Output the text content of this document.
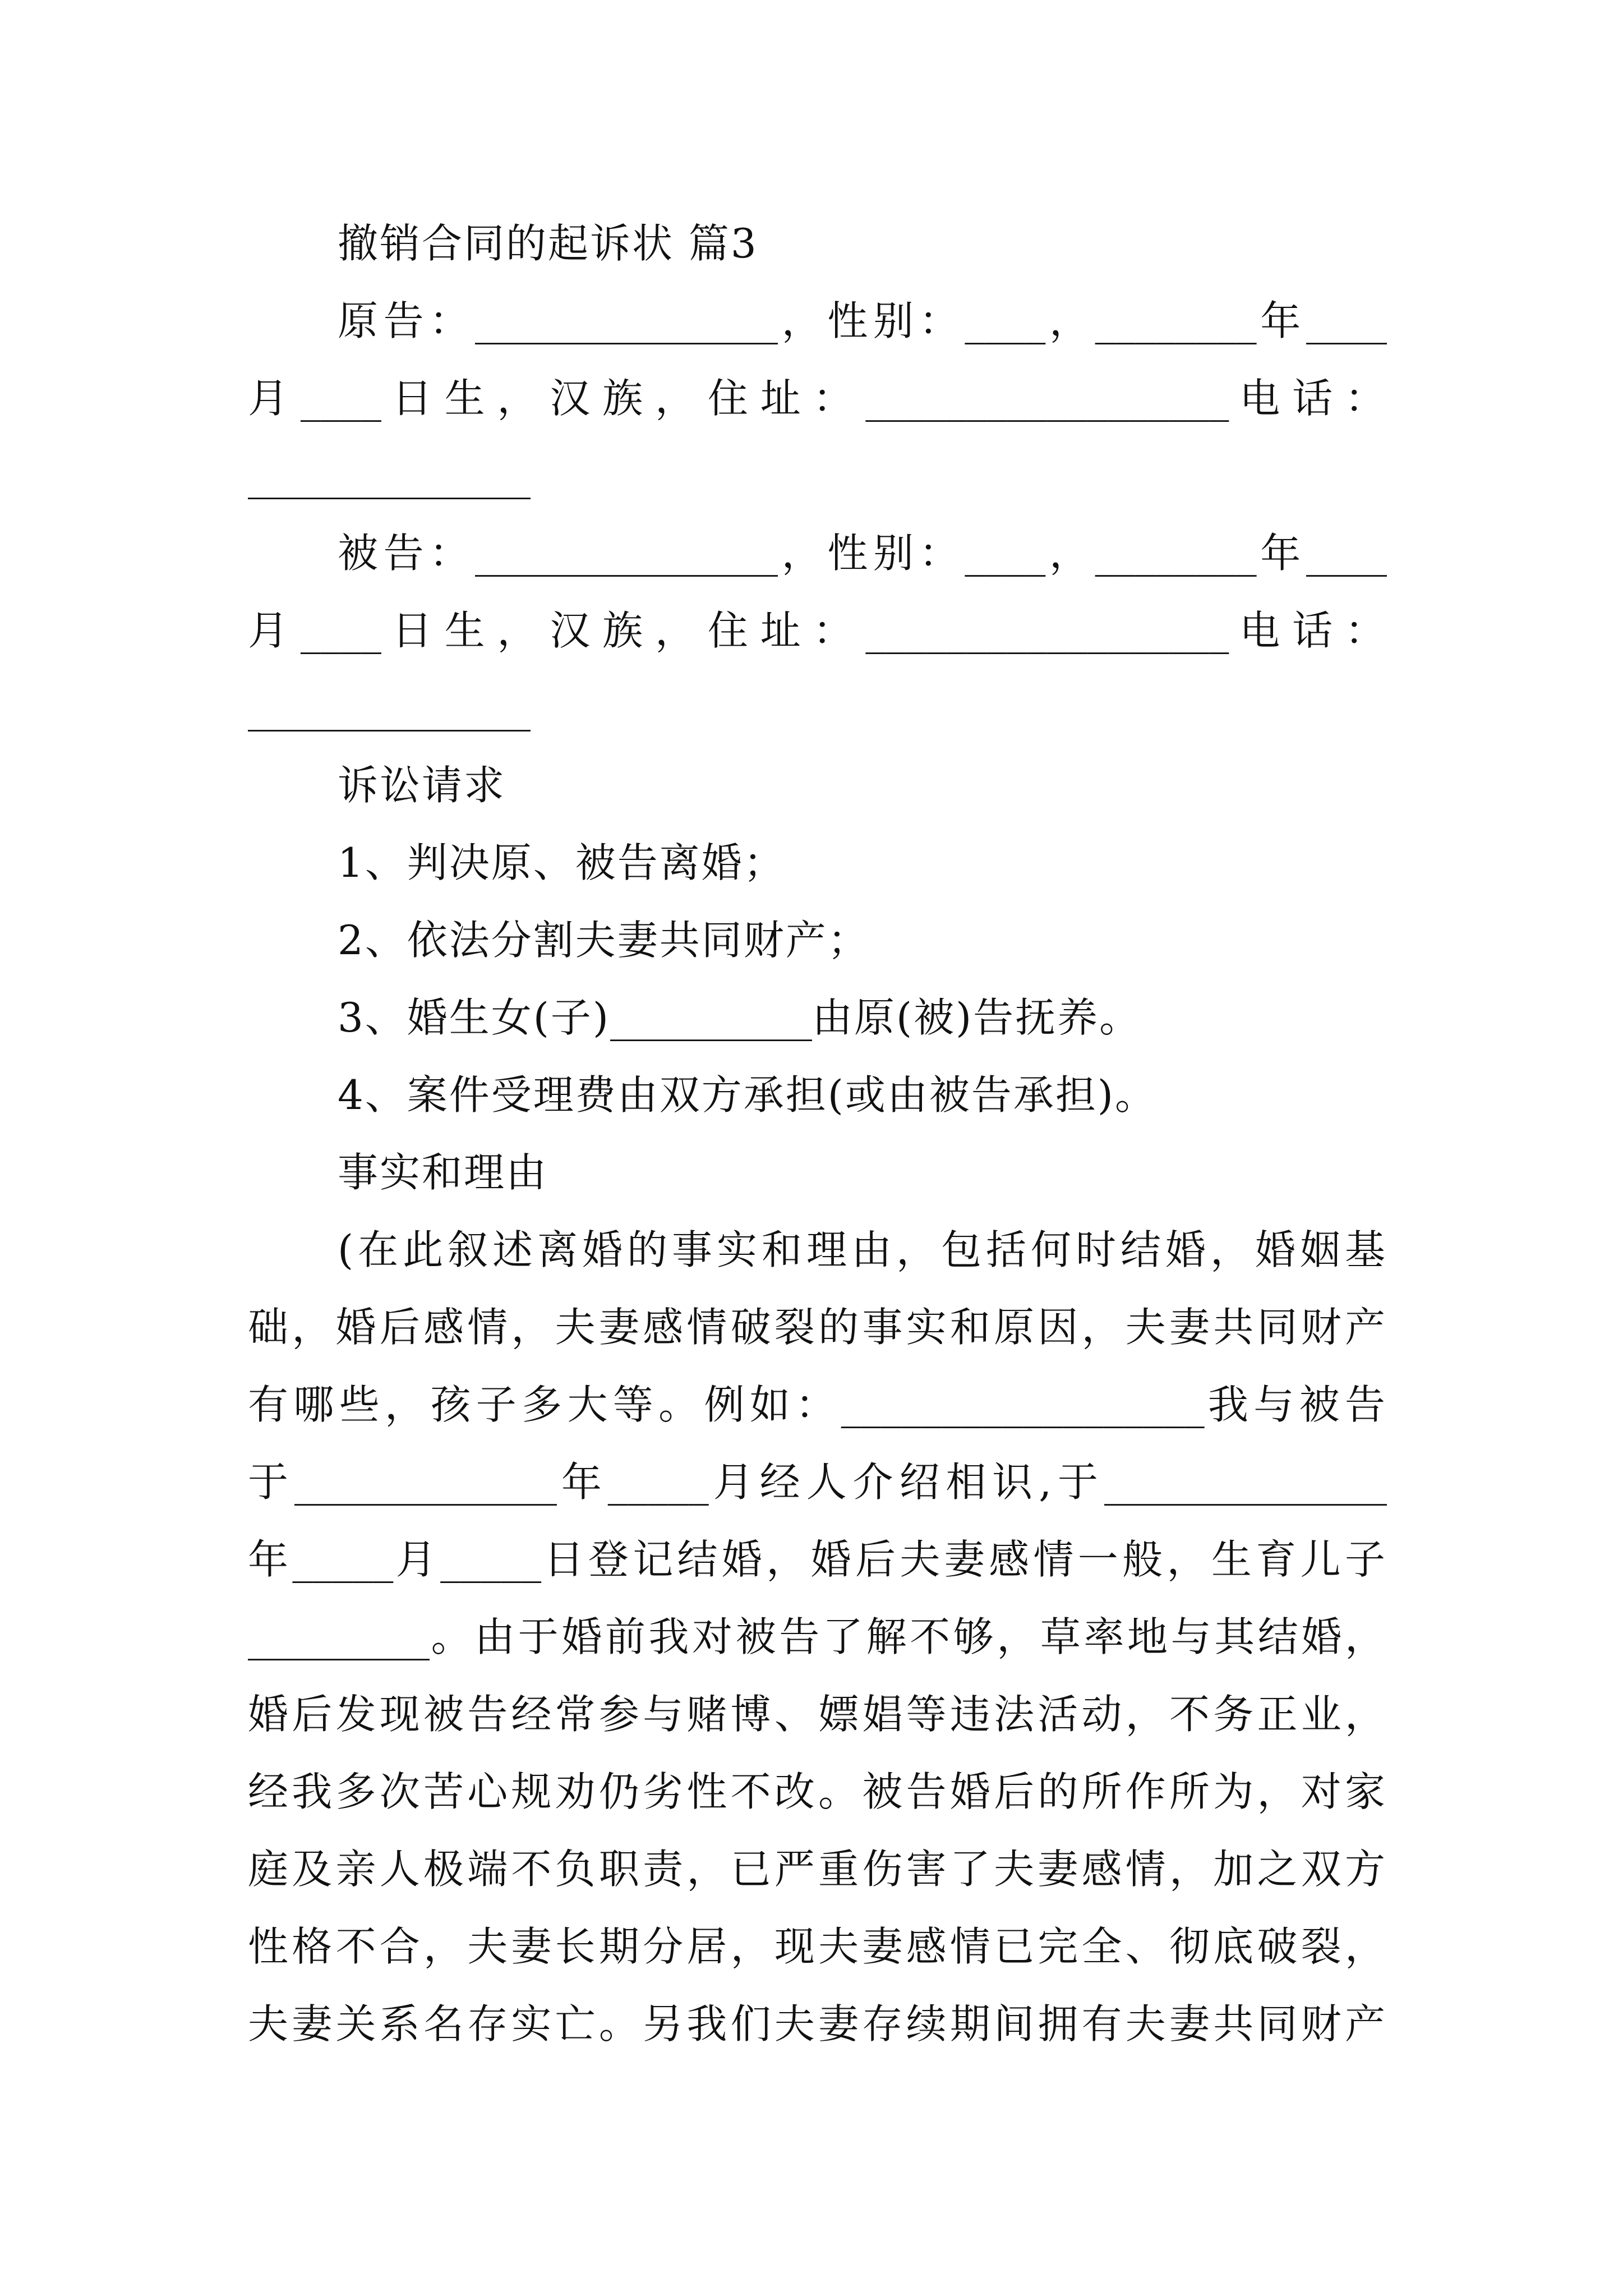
撤销合同的起诉状 篇3
原告：_______________，性别：____，________年____
月____日生，汉族，住址：__________________电话：
______________
被告：_______________，性别：____，________年____
月____日生，汉族，住址：__________________电话：
______________
诉讼请求
1、判决原、被告离婚；
2、依法分割夫妻共同财产；
3、婚生女(子)__________由原(被)告抚养。
4、案件受理费由双方承担(或由被告承担)。
事实和理由
(在此叙述离婚的事实和理由，包括何时结婚，婚姻基
础，婚后感情，夫妻感情破裂的事实和原因，夫妻共同财产
有哪些，孩子多大等。例如：__________________我与被告
于_____________年_____月经人介绍相识,于______________
年_____月_____日登记结婚，婚后夫妻感情一般，生育儿子
_________。由于婚前我对被告了解不够，草率地与其结婚，
婚后发现被告经常参与赌博、嫖娼等违法活动，不务正业，
经我多次苦心规劝仍劣性不改。被告婚后的所作所为，对家
庭及亲人极端不负职责，已严重伤害了夫妻感情，加之双方
性格不合，夫妻长期分居，现夫妻感情已完全、彻底破裂，
夫妻关系名存实亡。另我们夫妻存续期间拥有夫妻共同财产
